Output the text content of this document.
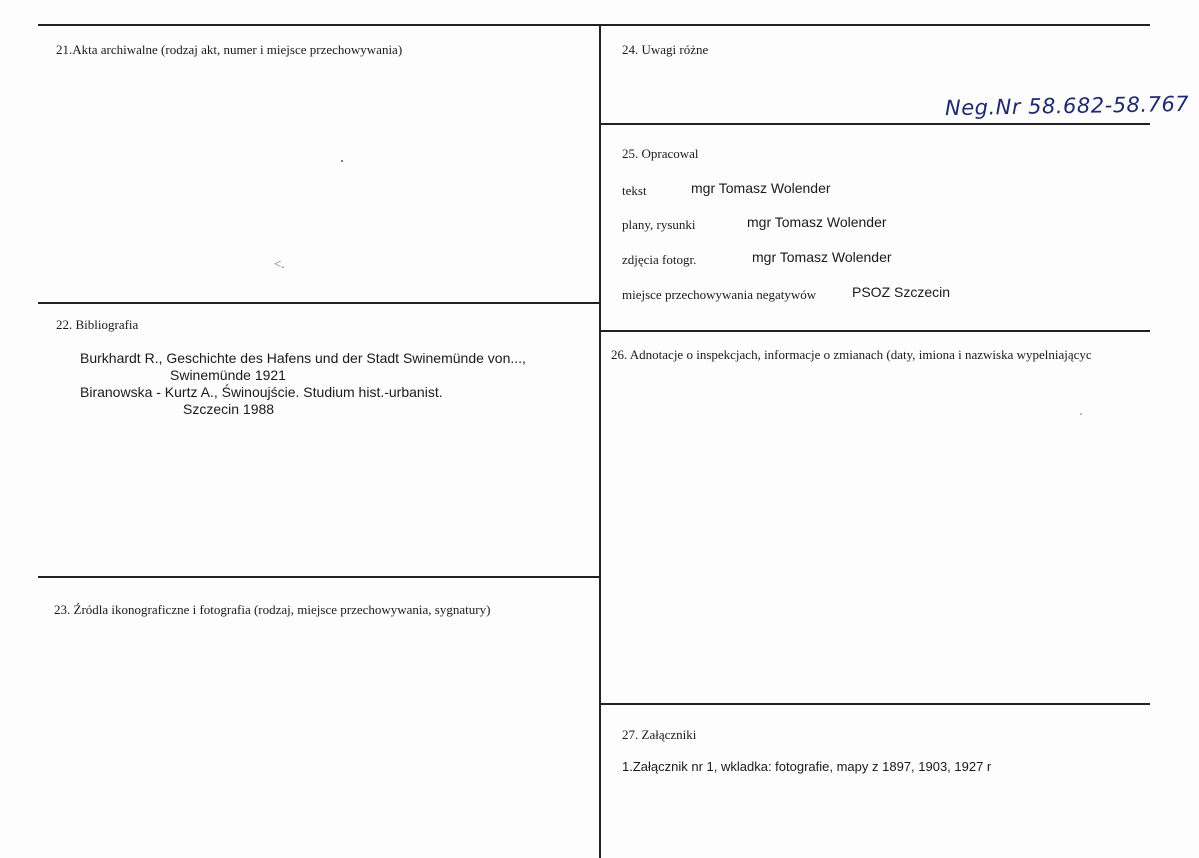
21.Akta archiwalne (rodzaj akt, numer i miejsce przechowywania)
<.
22. Bibliografia
Burkhardt R., Geschichte des Hafens und der Stadt Swinemünde von...,
Swinemünde 1921
Biranowska - Kurtz A., Świnoujście. Studium hist.-urbanist.
Szczecin 1988
23. Źródla ikonograficzne i fotografia (rodzaj, miejsce przechowywania, sygnatury)
24. Uwagi różne
Neg.Nr 58.682-58.767
25. Opracowal
tekst	mgr Tomasz Wolender
plany, rysunki	mgr Tomasz Wolender
zdjęcia fotogr.	mgr Tomasz Wolender
miejsce przechowywania negatywów	PSOZ Szczecin
26. Adnotacje o inspekcjach, informacje o zmianach (daty, imiona i nazwiska wypelniającyc
27. Załączniki
1.Załącznik nr 1, wkladka: fotografie, mapy z 1897, 1903, 1927 r
